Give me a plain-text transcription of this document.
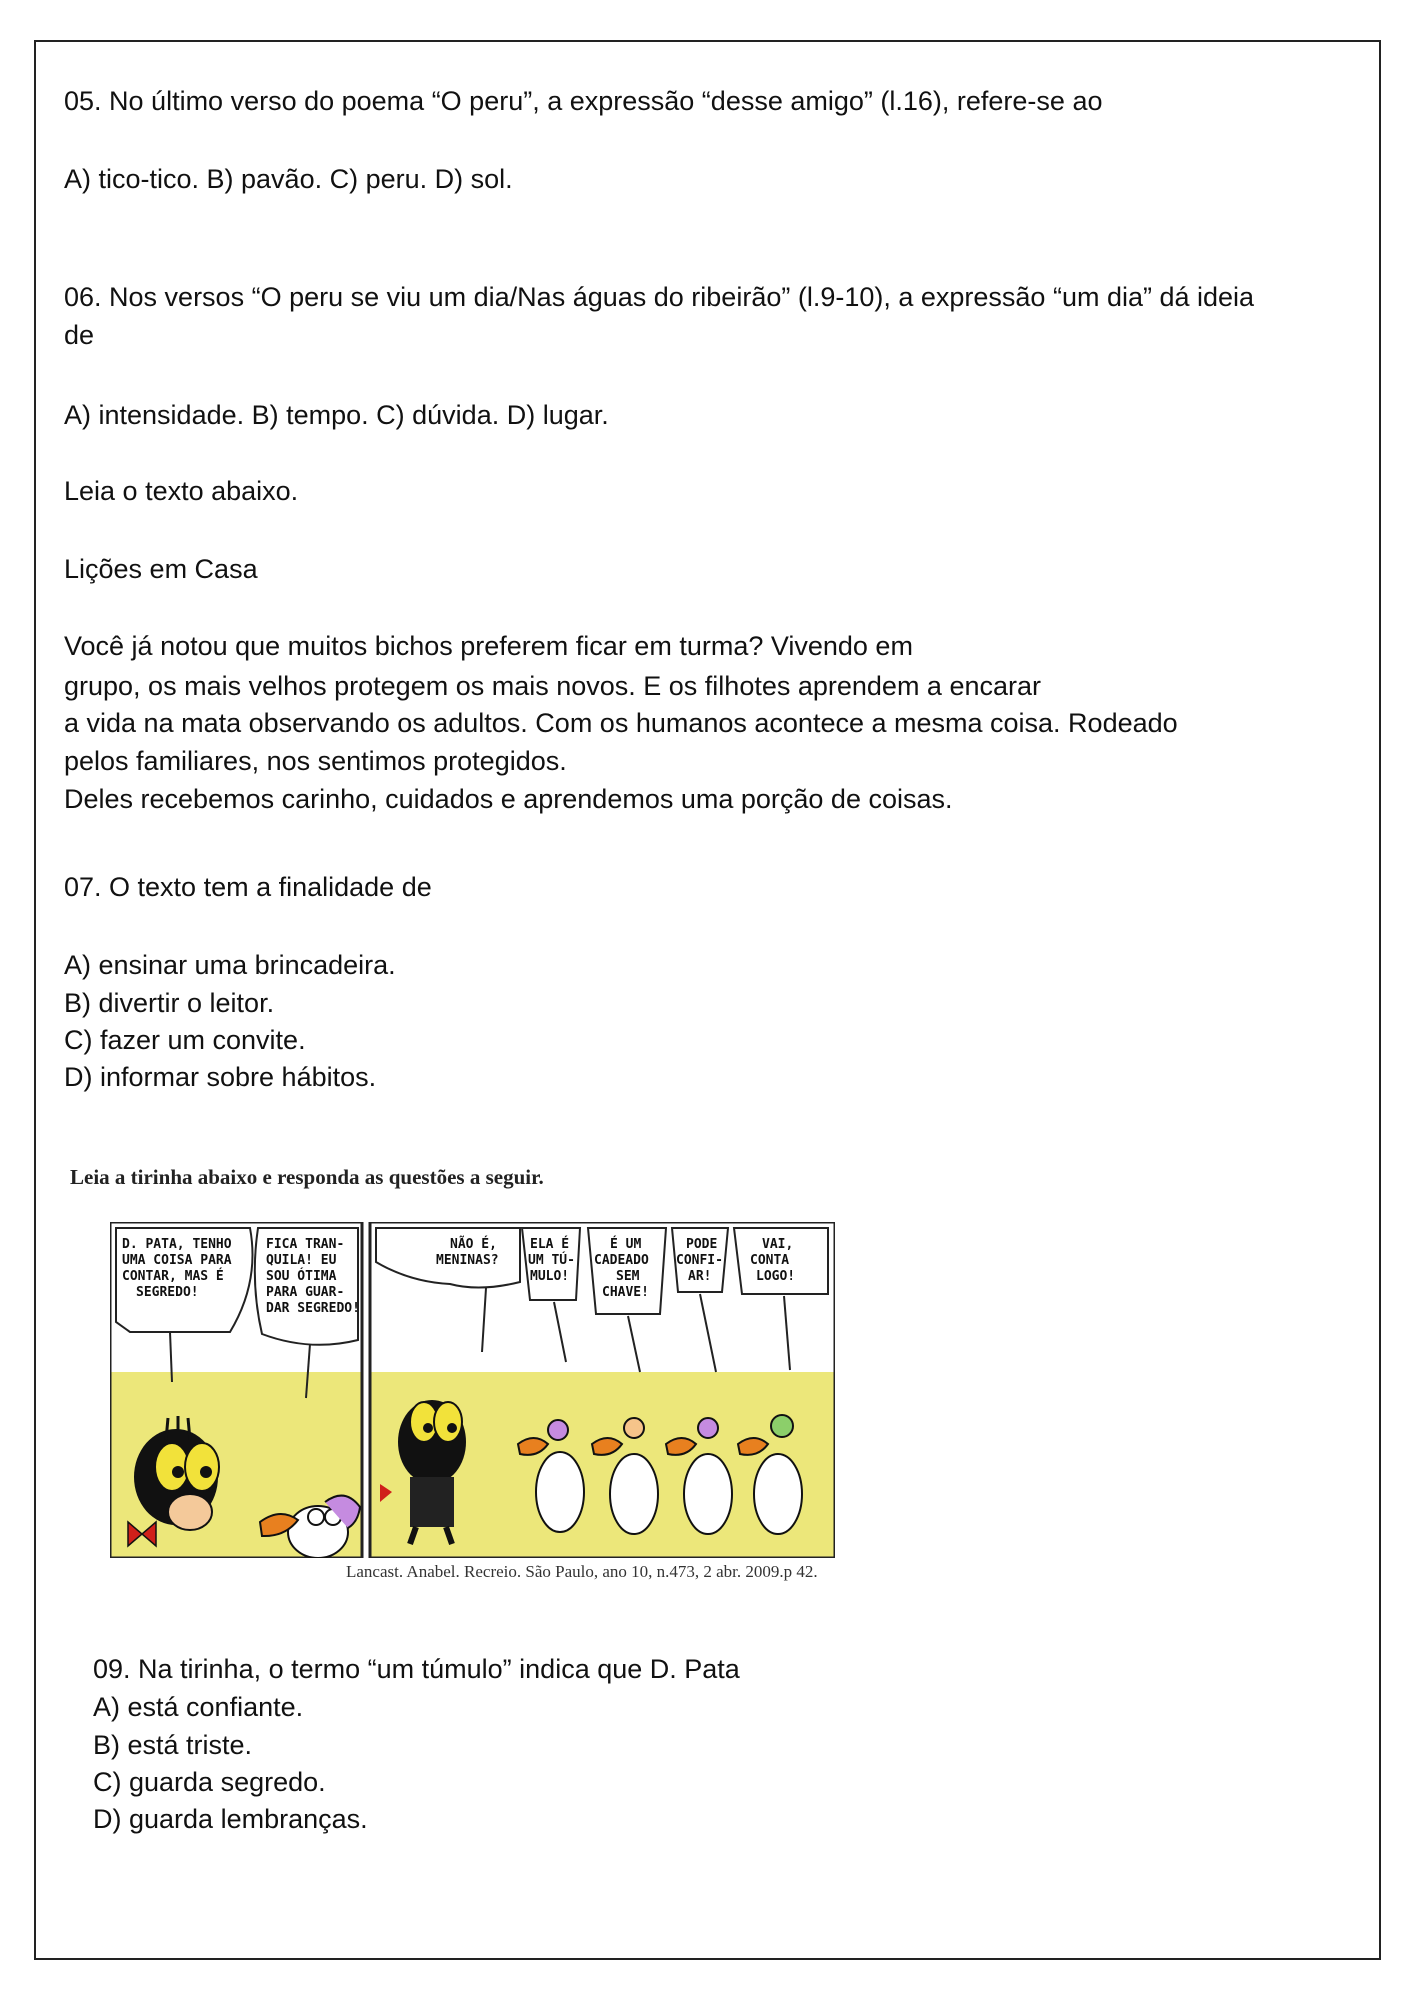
05. No último verso do poema “O peru”, a expressão “desse amigo” (l.16), refere-se ao
A) tico-tico. B) pavão. C) peru. D) sol.
06. Nos versos “O peru se viu um dia/Nas águas do ribeirão” (l.9-10), a expressão “um dia” dá ideia
de
A) intensidade. B) tempo. C) dúvida. D) lugar.
Leia o texto abaixo.
Lições em Casa
Você já notou que muitos bichos preferem ficar em turma? Vivendo em
grupo, os mais velhos protegem os mais novos. E os filhotes aprendem a encarar
a vida na mata observando os adultos. Com os humanos acontece a mesma coisa. Rodeado
pelos familiares, nos sentimos protegidos.
Deles recebemos carinho, cuidados e aprendemos uma porção de coisas.
07. O texto tem a finalidade de
A) ensinar uma brincadeira.
B) divertir o leitor.
C) fazer um convite.
D) informar sobre hábitos.
Leia a tirinha abaixo e responda as questões a seguir.
D. PATA, TENHO UMA COISA PARA CONTAR, MAS É SEGREDO!
FICA TRAN- QUILA! EU SOU ÓTIMA PARA GUAR- DAR SEGREDO!
NÃO É, MENINAS?
ELA É UM TÚ- MULO!
É UM CADEADO SEM CHAVE!
PODE CONFI- AR!
VAI, CONTA LOGO!
Lancast. Anabel. Recreio. São Paulo, ano 10, n.473, 2 abr. 2009.p 42.
09. Na tirinha, o termo “um túmulo” indica que D. Pata
A) está confiante.
B) está triste.
C) guarda segredo.
D) guarda lembranças.
